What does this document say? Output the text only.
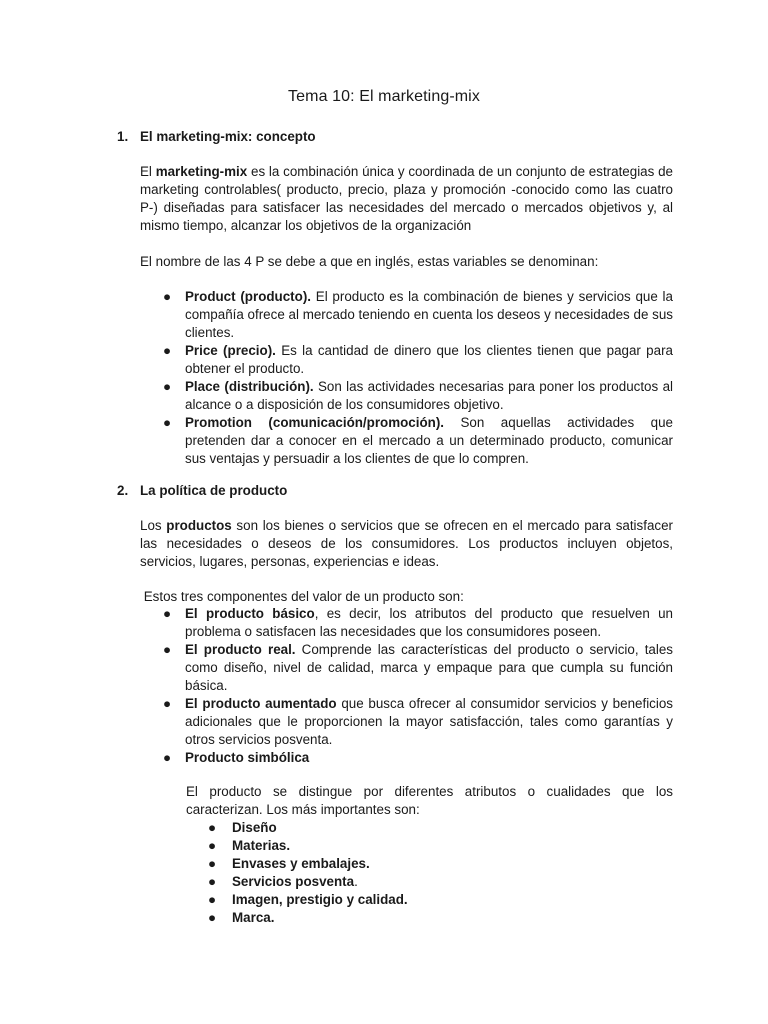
Tema 10: El marketing-mix
1. El marketing-mix: concepto
El marketing-mix es la combinación única y coordinada de un conjunto de estrategias de marketing controlables( producto, precio, plaza y promoción -conocido como las cuatro P-) diseñadas para satisfacer las necesidades del mercado o mercados objetivos y, al mismo tiempo, alcanzar los objetivos de la organización
El nombre de las 4 P se debe a que en inglés, estas variables se denominan:
● Product (producto). El producto es la combinación de bienes y servicios que la compañía ofrece al mercado teniendo en cuenta los deseos y necesidades de sus clientes.
● Price (precio). Es la cantidad de dinero que los clientes tienen que pagar para obtener el producto.
● Place (distribución). Son las actividades necesarias para poner los productos al alcance o a disposición de los consumidores objetivo.
● Promotion (comunicación/promoción). Son aquellas actividades que pretenden dar a conocer en el mercado a un determinado producto, comunicar sus ventajas y persuadir a los clientes de que lo compren.
2. La política de producto
Los productos son los bienes o servicios que se ofrecen en el mercado para satisfacer las necesidades o deseos de los consumidores. Los productos incluyen objetos, servicios, lugares, personas, experiencias e ideas.
Estos tres componentes del valor de un producto son:
● El producto básico, es decir, los atributos del producto que resuelven un problema o satisfacen las necesidades que los consumidores poseen.
● El producto real. Comprende las características del producto o servicio, tales como diseño, nivel de calidad, marca y empaque para que cumpla su función básica.
● El producto aumentado que busca ofrecer al consumidor servicios y beneficios adicionales que le proporcionen la mayor satisfacción, tales como garantías y otros servicios posventa.
● Producto simbólica
El producto se distingue por diferentes atributos o cualidades que los caracterizan. Los más importantes son:
● Diseño
● Materias.
● Envases y embalajes.
● Servicios posventa.
● Imagen, prestigio y calidad.
● Marca.
